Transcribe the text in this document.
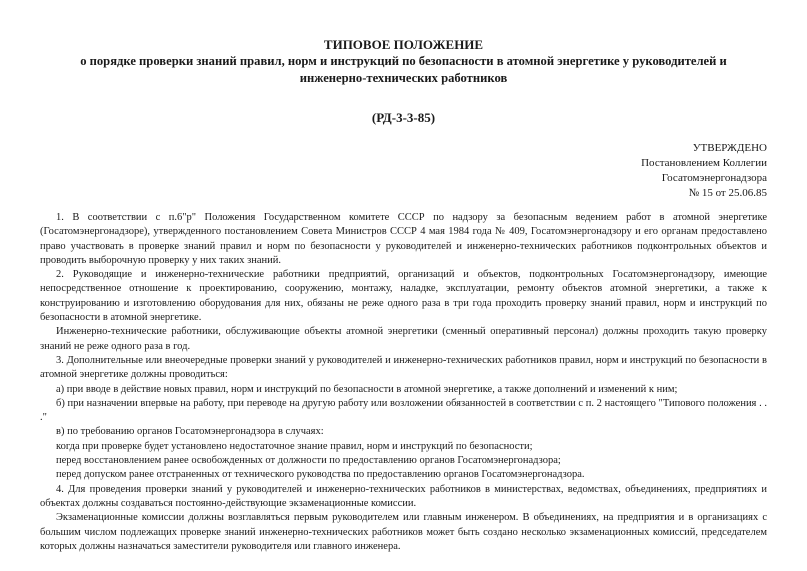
ТИПОВОЕ ПОЛОЖЕНИЕ
о порядке проверки знаний правил, норм и инструкций по безопасности в атомной энергетике у руководителей и
инженерно-технических работников
(РД-3-3-85)
УТВЕРЖДЕНО
Постановлением Коллегии
Госатомэнергонадзора
№ 15 от 25.06.85

1. В соответствии с п.6"р" Положения Государственном комитете СССР по надзору за безопасным ведением работ в атомной энергетике (Госатомэнергонадзоре), утвержденного постановлением Совета Министров СССР 4 мая 1984 года № 409, Госатомэнергонадзору и его органам предоставлено право участвовать в проверке знаний правил и норм по безопасности у руководителей и инженерно-технических работников подконтрольных объектов и проводить выборочную проверку у них таких знаний.

2. Руководящие и инженерно-технические работники предприятий, организаций и объектов, подконтрольных Госатомэнергонадзору, имеющие непосредственное отношение к проектированию, сооружению, монтажу, наладке, эксплуатации, ремонту объектов атомной энергетики, а также к конструированию и изготовлению оборудования для них, обязаны не реже одного раза в три года проходить проверку знаний правил, норм и инструкций по безопасности в атомной энергетике.

Инженерно-технические работники, обслуживающие объекты атомной энергетики (сменный оперативный персонал) должны проходить такую проверку знаний не реже одного раза в год.

3. Дополнительные или внеочередные проверки знаний у руководителей и инженерно-технических работников правил, норм и инструкций по безопасности в атомной энергетике должны проводиться:

а) при вводе в действие новых правил, норм и инструкций по безопасности в атомной энергетике, а также дополнений и изменений к ним;

б) при назначении впервые на работу, при переводе на другую работу или возложении обязанностей в соответствии с п. 2 настоящего "Типового положения . . ."

в) по требованию органов Госатомэнергонадзора в случаях:

когда при проверке будет установлено недостаточное знание правил, норм и инструкций по безопасности;

перед восстановлением ранее освобожденных от должности по предоставлению органов Госатомэнергонадзора;

перед допуском ранее отстраненных от технического руководства по предоставлению органов Госатомэнергонадзора.

4. Для проведения проверки знаний у руководителей и инженерно-технических работников в министерствах, ведомствах, объединениях, предприятиях и объектах должны создаваться постоянно-действующие экзаменационные комиссии.

Экзаменационные комиссии должны возглавляться первым руководителем или главным инженером. В объединениях, на предприятия и в организациях с большим числом подлежащих проверке знаний инженерно-технических работников может быть создано несколько экзаменационных комиссий, председателем которых должны назначаться заместители руководителя или главного инженера.
